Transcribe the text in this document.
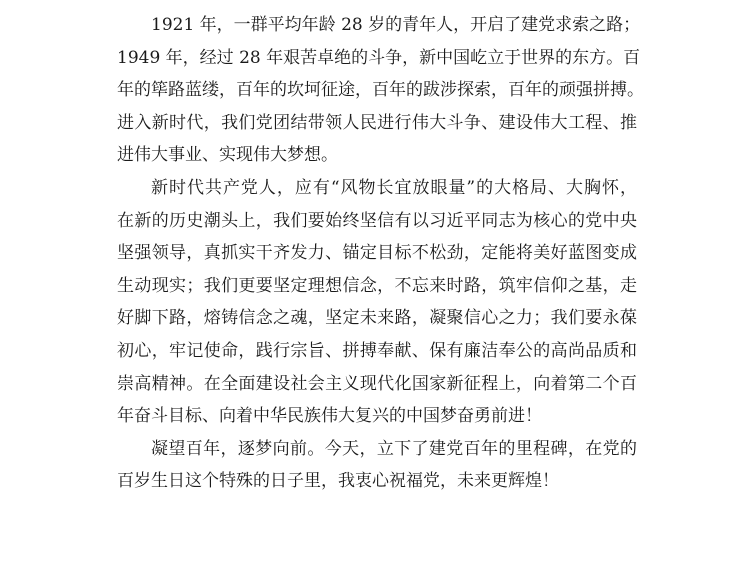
1921 年，一群平均年龄 28 岁的青年人，开启了建党求索之路；
1949 年，经过 28 年艰苦卓绝的斗争，新中国屹立于世界的东方。百
年的筚路蓝缕，百年的坎坷征途，百年的跋涉探索，百年的顽强拼搏。
进入新时代，我们党团结带领人民进行伟大斗争、建设伟大工程、推
进伟大事业、实现伟大梦想。
新时代共产党人，应有“风物长宜放眼量”的大格局、大胸怀，
在新的历史潮头上，我们要始终坚信有以习近平同志为核心的党中央
坚强领导，真抓实干齐发力、锚定目标不松劲，定能将美好蓝图变成
生动现实；我们更要坚定理想信念，不忘来时路，筑牢信仰之基，走
好脚下路，熔铸信念之魂，坚定未来路，凝聚信心之力；我们要永葆
初心，牢记使命，践行宗旨、拼搏奉献、保有廉洁奉公的高尚品质和
崇高精神。在全面建设社会主义现代化国家新征程上，向着第二个百
年奋斗目标、向着中华民族伟大复兴的中国梦奋勇前进！
凝望百年，逐梦向前。今天，立下了建党百年的里程碑，在党的
百岁生日这个特殊的日子里，我衷心祝福党，未来更辉煌！
